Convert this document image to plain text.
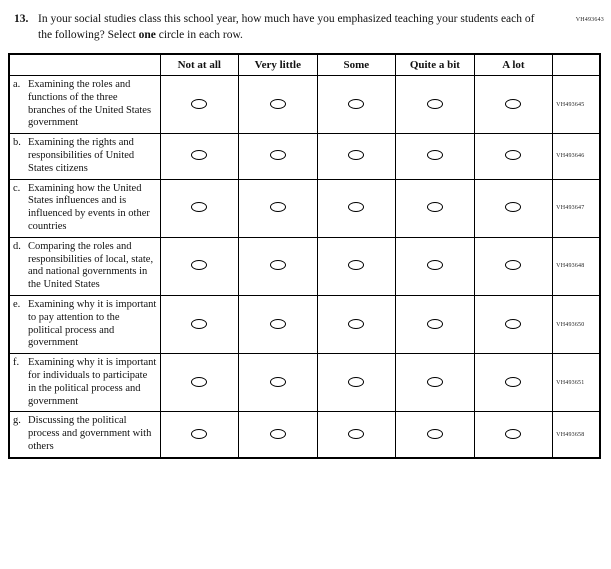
VH493643
13. In your social studies class this school year, how much have you emphasized teaching your students each of the following? Select one circle in each row.
	Not at all	Very little	Some	Quite a bit	A lot	

a. Examining the roles and functions of the three branches of the United States government						VH493645

b. Examining the rights and responsibilities of United States citizens						VH493646

c. Examining how the United States influences and is influenced by events in other countries						VH493647

d. Comparing the roles and responsibilities of local, state, and national governments in the United States						VH493648

e. Examining why it is important to pay attention to the political process and government						VH493650

f. Examining why it is important for individuals to participate in the political process and government						VH493651

g. Discussing the political process and government with others						VH493658
